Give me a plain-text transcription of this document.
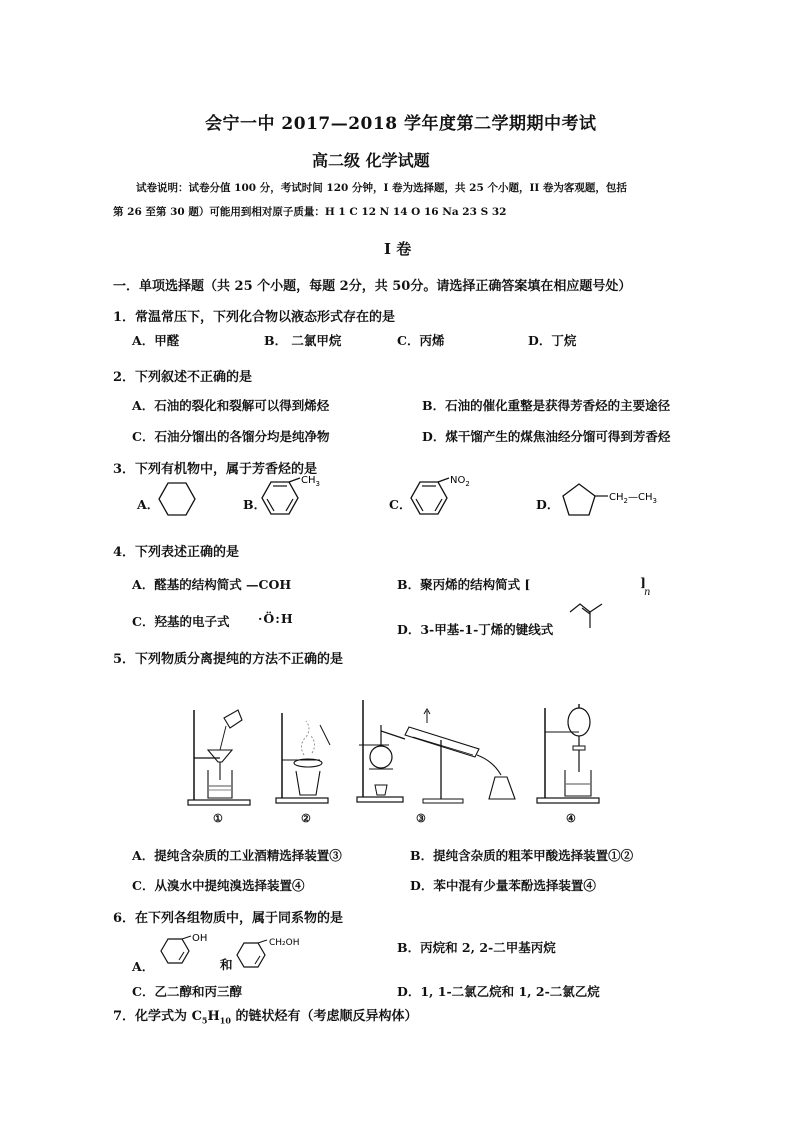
会宁一中 2017—2018 学年度第二学期期中考试
高二级 化学试题
试卷说明：试卷分值 100 分，考试时间 120 分钟，I 卷为选择题，共 25 个小题，II 卷为客观题，包括
第 26 至第 30 题）可能用到相对原子质量：H 1 C 12 N 14 O 16 Na 23 S 32
I 卷
一．单项选择题（共 25 个小题，每题 2分，共 50分。请选择正确答案填在相应题号处）
1．常温常压下，下列化合物以液态形式存在的是
A．甲醛	B． 二氯甲烷	C．丙烯	D．丁烷
2．下列叙述不正确的是
A．石油的裂化和裂解可以得到烯烃	B．石油的催化重整是获得芳香烃的主要途径
C．石油分馏出的各馏分均是纯净物	D．煤干馏产生的煤焦油经分馏可得到芳香烃
3．下列有机物中，属于芳香烃的是
A．	B．	C．	D．
$CH_3$	$NO_2$
$CH_2—CH_3$
4．下列表述正确的是
A．醛基的结构简式 —COH	B．聚丙烯的结构简式 [	]
n
C．羟基的电子式 ·Ö:H
D．3-甲基-1-丁烯的键线式
5．下列物质分离提纯的方法不正确的是
①	②	③	④
A．提纯含杂质的工业酒精选择装置③	B．提纯含杂质的粗苯甲酸选择装置①②
C．从溴水中提纯溴选择装置④	D．苯中混有少量苯酚选择装置④
6．在下列各组物质中，属于同系物的是
A．
OH
和
CH₂OH	B．丙烷和 2, 2-二甲基丙烷
C．乙二醇和丙三醇	D．1, 1-二氯乙烷和 1, 2-二氯乙烷
7．化学式为 $C_5H_{10}$ 的链状烃有（考虑顺反异构体）
